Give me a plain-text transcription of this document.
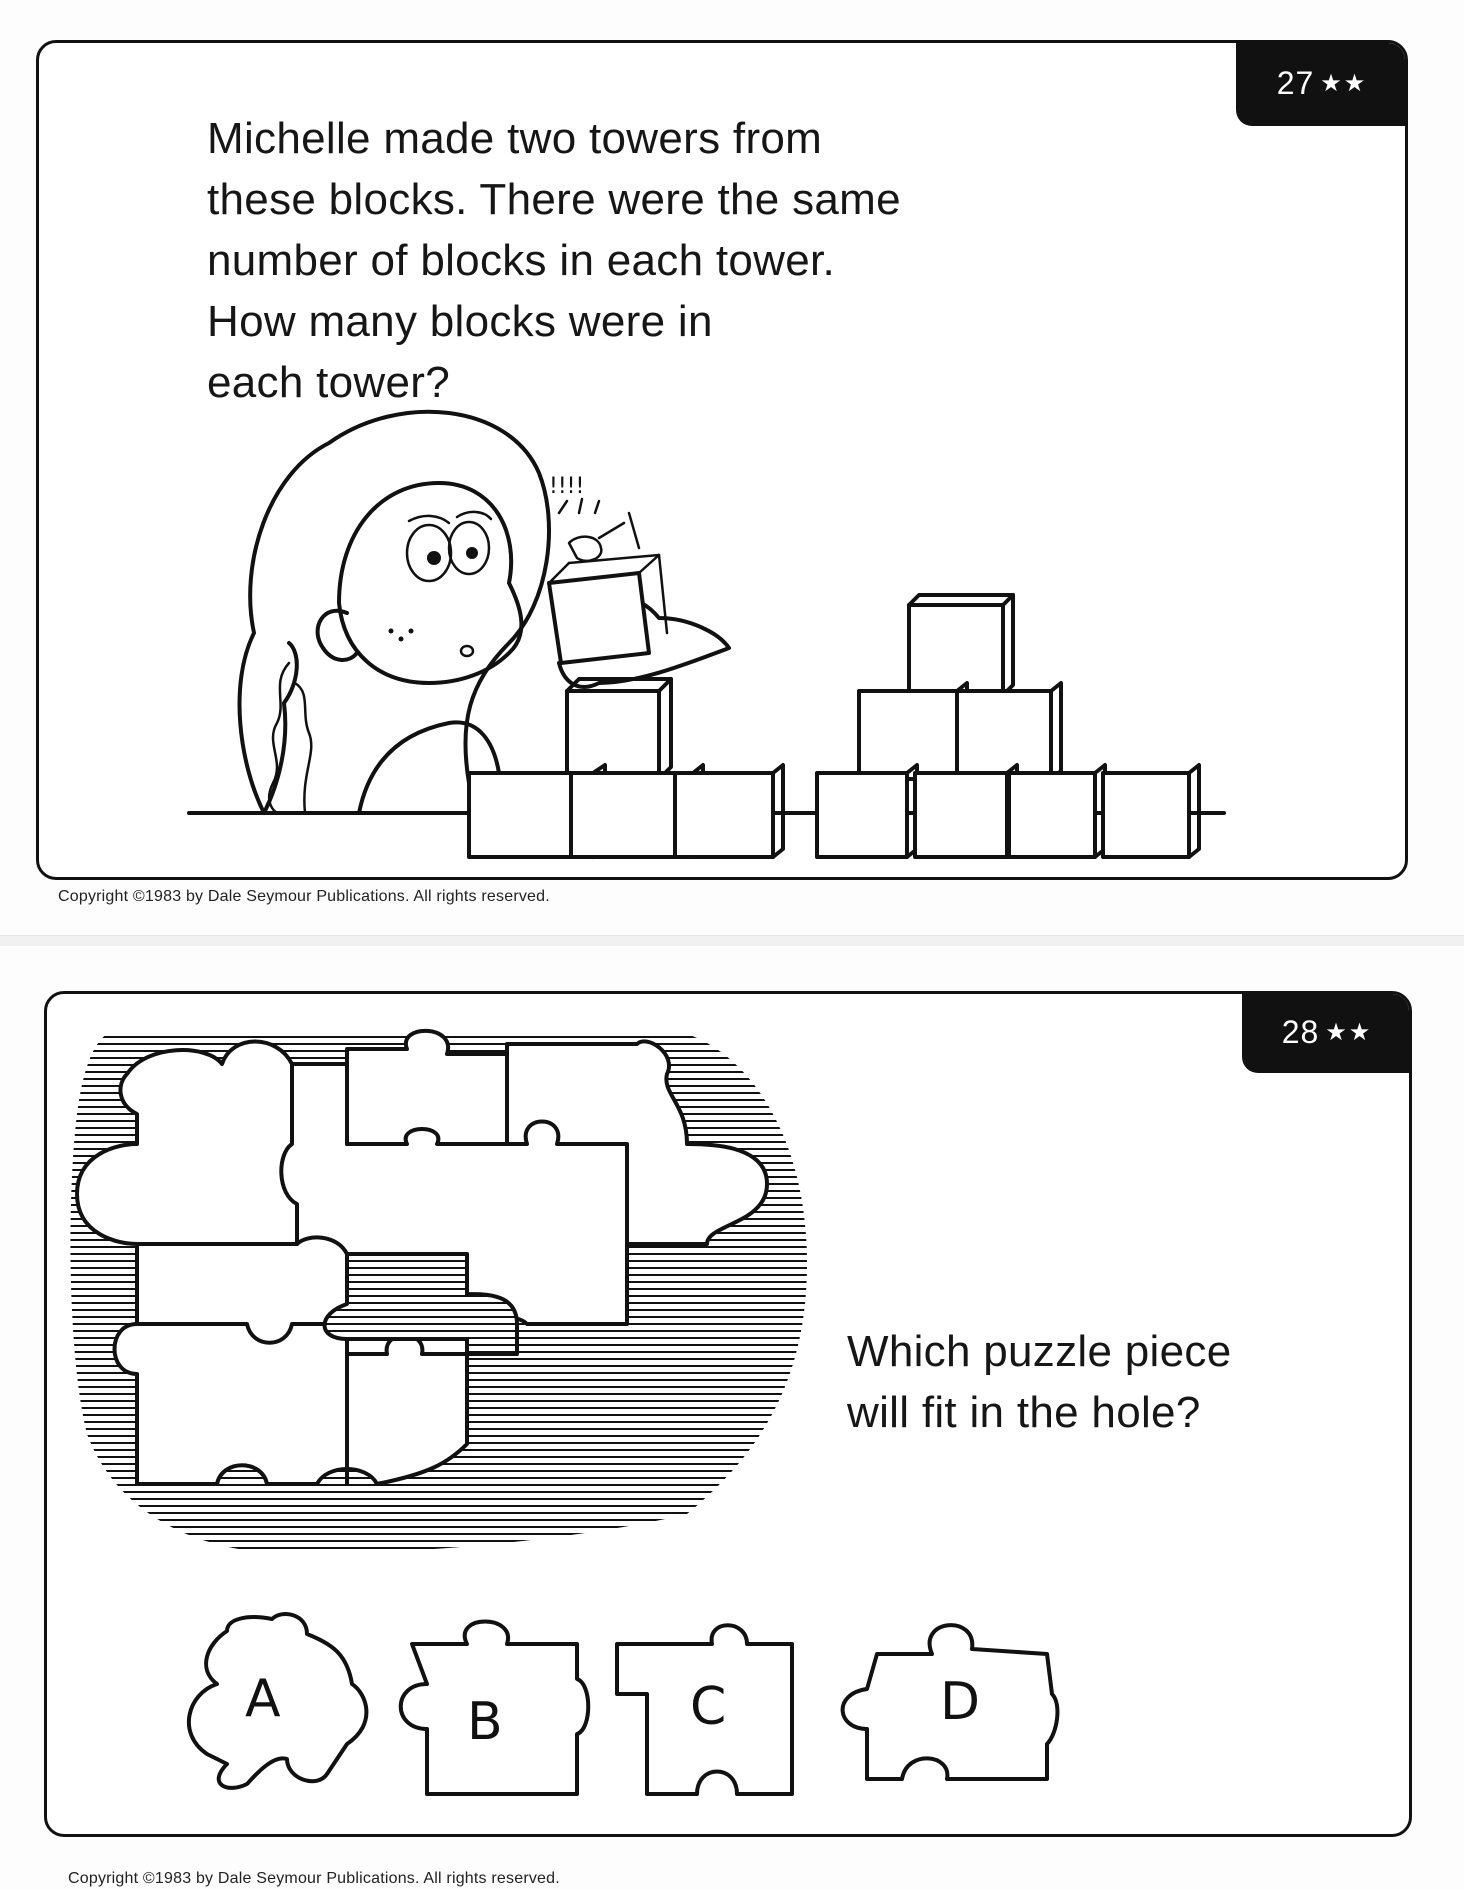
27 ★★

Michelle made two towers from
these blocks. There were the same
number of blocks in each tower.
How many blocks were in
each tower?

!!!!
Copyright ©1983 by Dale Seymour Publications. All rights reserved.
28 ★★
A	B	C	D

Which puzzle piece
will fit in the hole?

Copyright ©1983 by Dale Seymour Publications. All rights reserved.
